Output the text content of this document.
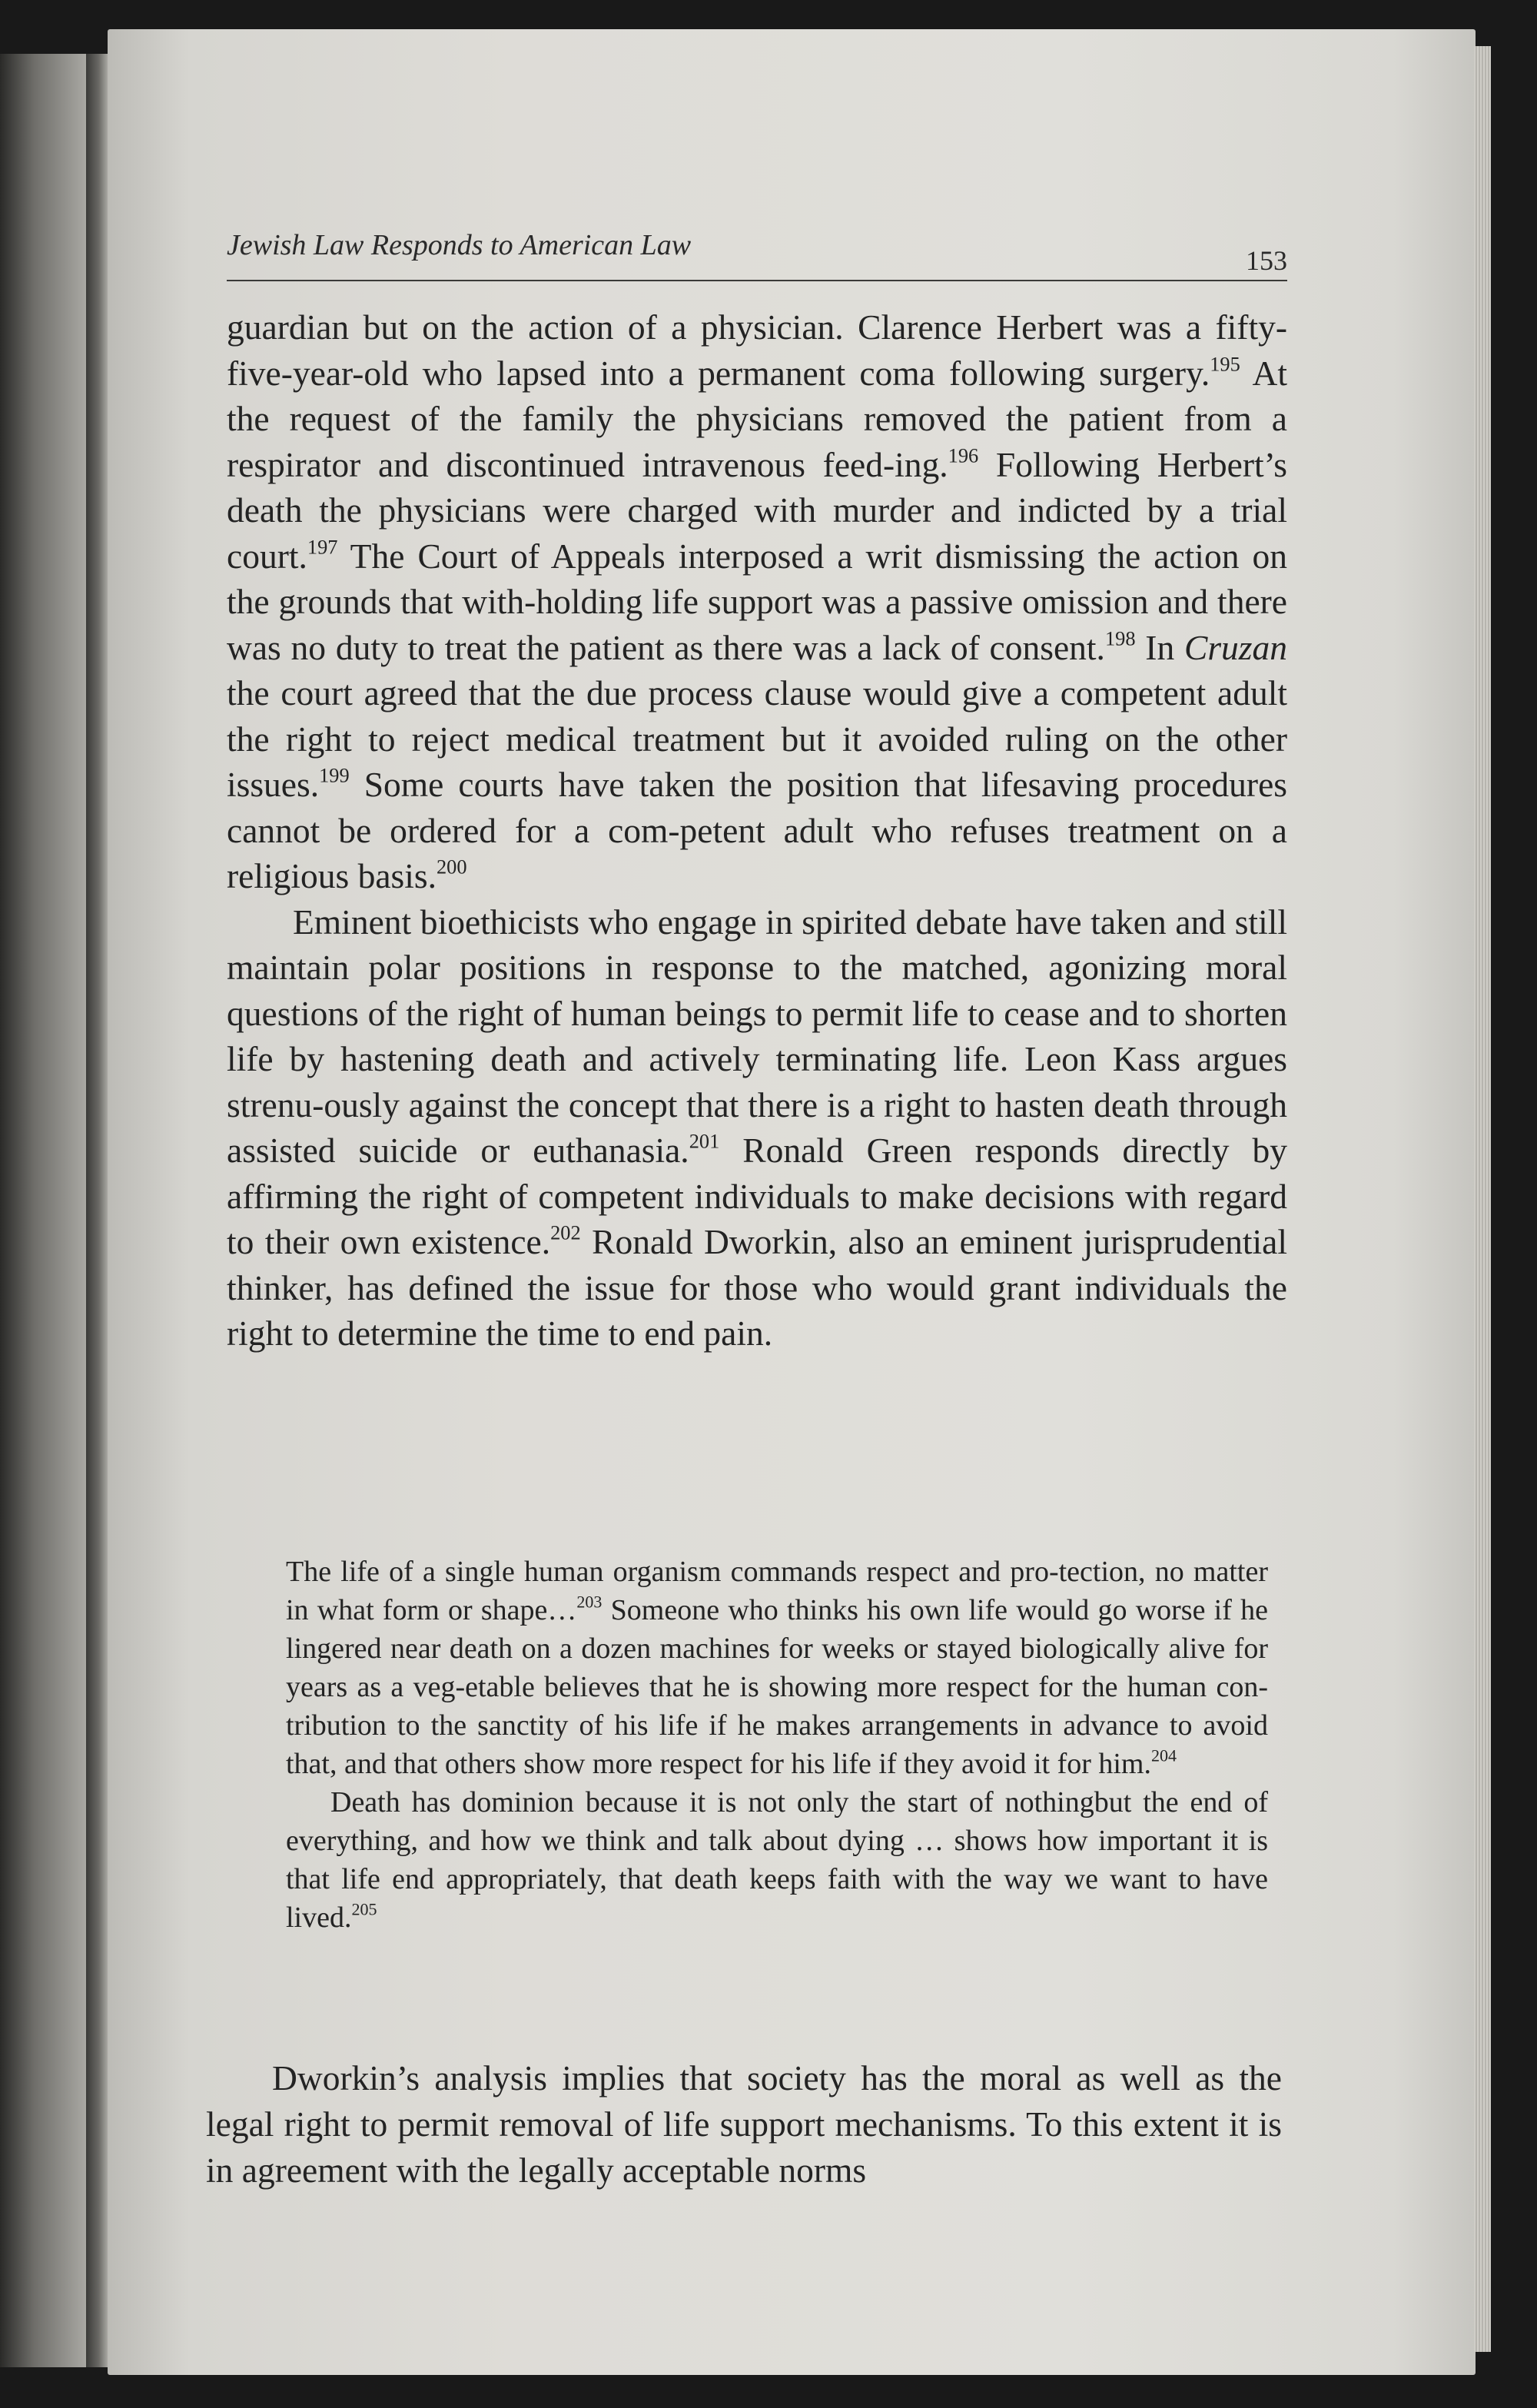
Jewish Law Responds to American Law	153

guardian but on the action of a physician. Clarence Herbert was a fifty-five-year-old who lapsed into a permanent coma following surgery.$^{195}$ At the request of the family the physicians removed the patient from a respirator and discontinued intravenous feed-ing.$^{196}$ Following Herbert’s death the physicians were charged with murder and indicted by a trial court.$^{197}$ The Court of Appeals interposed a writ dismissing the action on the grounds that with-holding life support was a passive omission and there was no duty to treat the patient as there was a lack of consent.$^{198}$ In Cruzan the court agreed that the due process clause would give a competent adult the right to reject medical treatment but it avoided ruling on the other issues.$^{199}$ Some courts have taken the position that lifesaving procedures cannot be ordered for a com-petent adult who refuses treatment on a religious basis.$^{200}$

Eminent bioethicists who engage in spirited debate have taken and still maintain polar positions in response to the matched, agonizing moral questions of the right of human beings to permit life to cease and to shorten life by hastening death and actively terminating life. Leon Kass argues strenu-ously against the concept that there is a right to hasten death through assisted suicide or euthanasia.$^{201}$ Ronald Green responds directly by affirming the right of competent individuals to make decisions with regard to their own existence.$^{202}$ Ronald Dworkin, also an eminent jurisprudential thinker, has defined the issue for those who would grant individuals the right to determine the time to end pain.

The life of a single human organism commands respect and pro-tection, no matter in what form or shape…$^{203}$ Someone who thinks his own life would go worse if he lingered near death on a dozen machines for weeks or stayed biologically alive for years as a veg-etable believes that he is showing more respect for the human con-tribution to the sanctity of his life if he makes arrangements in advance to avoid that, and that others show more respect for his life if they avoid it for him.$^{204}$

Death has dominion because it is not only the start of nothingbut the end of everything, and how we think and talk about dying … shows how important it is that life end appropriately, that death keeps faith with the way we want to have lived.$^{205}$

Dworkin’s analysis implies that society has the moral as well as the legal right to permit removal of life support mechanisms. To this extent it is in agreement with the legally acceptable norms
